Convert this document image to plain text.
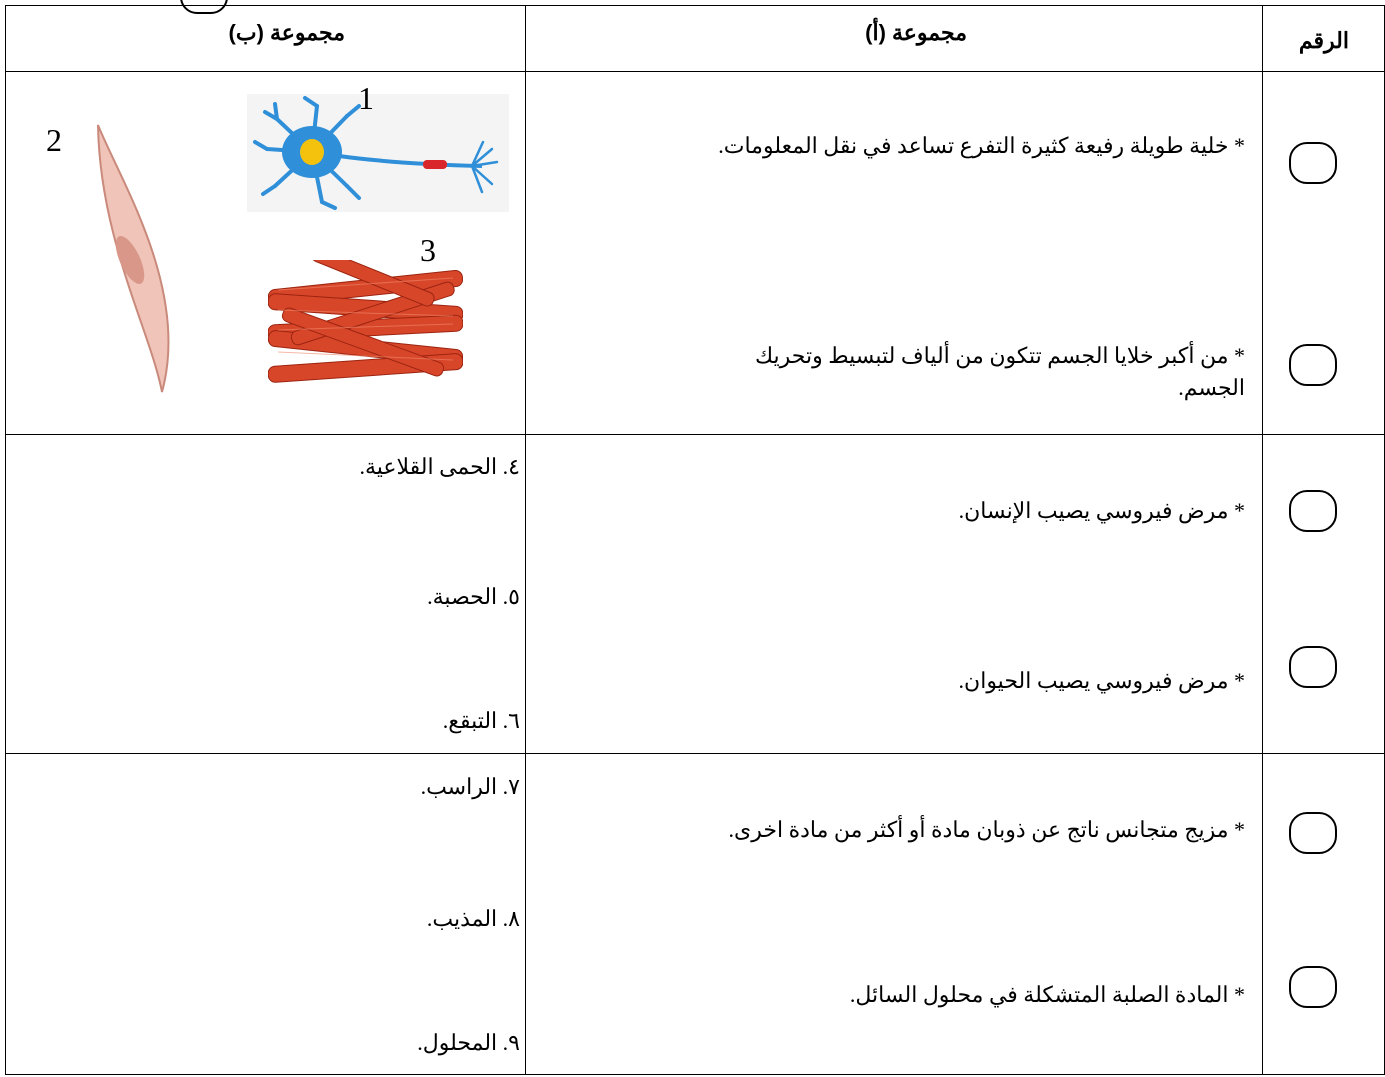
الرقم
مجموعة (أ)
مجموعة (ب)
* خلية طويلة رفيعة كثيرة التفرع تساعد في نقل المعلومات.
* من أكبر خلايا الجسم تتكون من ألياف لتبسيط وتحريك الجسم.
1
2
3
* مرض فيروسي يصيب الإنسان.
* مرض فيروسي يصيب الحيوان.
٤. الحمى القلاعية.
٥. الحصبة.
٦. التبقع.
* مزيج متجانس ناتج عن ذوبان مادة أو أكثر من مادة اخرى.
* المادة الصلبة المتشكلة في محلول السائل.
٧. الراسب.
٨. المذيب.
٩. المحلول.
